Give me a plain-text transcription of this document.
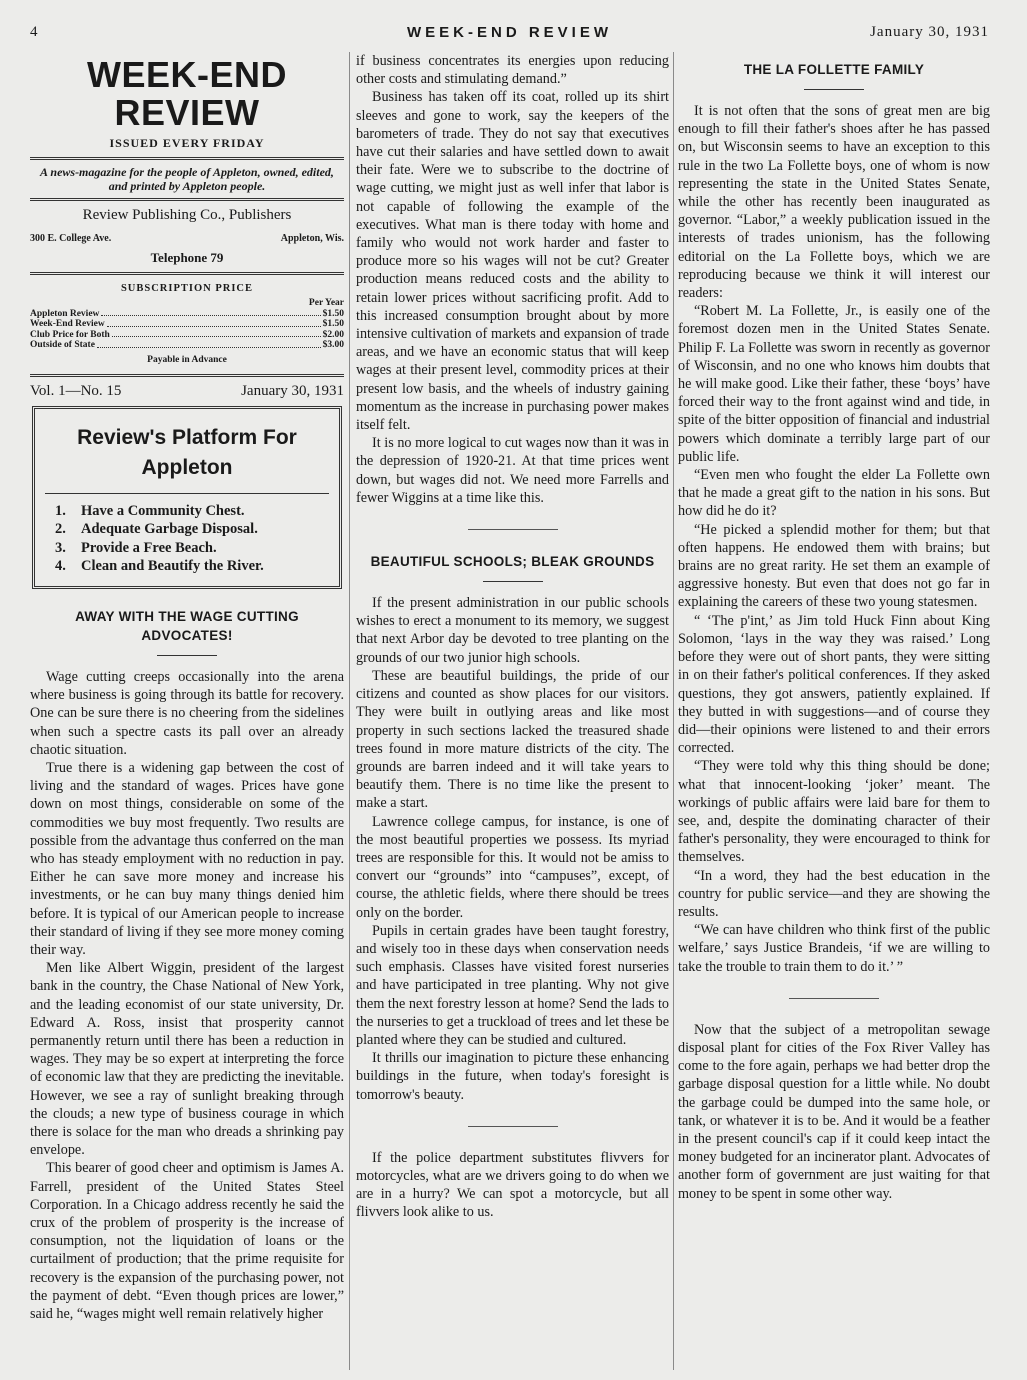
4	WEEK-END REVIEW	January 30, 1931
WEEK-END REVIEW
ISSUED EVERY FRIDAY
A news-magazine for the people of Appleton, owned, edited, and printed by Appleton people.
Review Publishing Co., Publishers
300 E. College Ave.	Appleton, Wis.
Telephone 79
SUBSCRIPTION PRICE
Per Year
Appleton Review	$1.50
Week-End Review	$1.50
Club Price for Both	$2.00
Outside of State	$3.00
Payable in Advance
Vol. 1—No. 15	January 30, 1931
Review's Platform For
Appleton
1.	Have a Community Chest.
2.	Adequate Garbage Disposal.
3.	Provide a Free Beach.
4.	Clean and Beautify the River.
AWAY WITH THE WAGE CUTTING
ADVOCATES!

Wage cutting creeps occasionally into the arena where business is going through its battle for recovery. One can be sure there is no cheering from the sidelines when such a spectre casts its pall over an already chaotic situation.

True there is a widening gap between the cost of living and the standard of wages. Prices have gone down on most things, considerable on some of the commodities we buy most frequently. Two results are possible from the advantage thus conferred on the man who has steady employment with no reduction in pay. Either he can save more money and increase his investments, or he can buy many things denied him before. It is typical of our American people to increase their standard of living if they see more money coming their way.

Men like Albert Wiggin, president of the largest bank in the country, the Chase National of New York, and the leading economist of our state university, Dr. Edward A. Ross, insist that prosperity cannot permanently return until there has been a reduction in wages. They may be so expert at interpreting the force of economic law that they are predicting the inevitable. However, we see a ray of sunlight breaking through the clouds; a new type of business courage in which there is solace for the man who dreads a shrinking pay envelope.

This bearer of good cheer and optimism is James A. Farrell, president of the United States Steel Corporation. In a Chicago address recently he said the crux of the problem of prosperity is the increase of consumption, not the liquidation of loans or the curtailment of production; that the prime requisite for recovery is the expansion of the purchasing power, not the payment of debt. “Even though prices are lower,” said he, “wages might well remain relatively higher

if business concentrates its energies upon reducing other costs and stimulating demand.”

Business has taken off its coat, rolled up its shirt sleeves and gone to work, say the keepers of the barometers of trade. They do not say that executives have cut their salaries and have settled down to await their fate. Were we to subscribe to the doctrine of wage cutting, we might just as well infer that labor is not capable of following the example of the executives. What man is there today with home and family who would not work harder and faster to produce more so his wages will not be cut? Greater production means reduced costs and the ability to retain lower prices without sacrificing profit. Add to this increased consumption brought about by more intensive cultivation of markets and expansion of trade areas, and we have an economic status that will keep wages at their present level, commodity prices at their present low basis, and the wheels of industry gaining momentum as the increase in purchasing power makes itself felt.

It is no more logical to cut wages now than it was in the depression of 1920-21. At that time prices went down, but wages did not. We need more Farrells and fewer Wiggins at a time like this.

BEAUTIFUL SCHOOLS; BLEAK GROUNDS

If the present administration in our public schools wishes to erect a monument to its memory, we suggest that next Arbor day be devoted to tree planting on the grounds of our two junior high schools.

These are beautiful buildings, the pride of our citizens and counted as show places for our visitors. They were built in outlying areas and like most property in such sections lacked the treasured shade trees found in more mature districts of the city. The grounds are barren indeed and it will take years to beautify them. There is no time like the present to make a start.

Lawrence college campus, for instance, is one of the most beautiful properties we possess. Its myriad trees are responsible for this. It would not be amiss to convert our “grounds” into “campuses”, except, of course, the athletic fields, where there should be trees only on the border.

Pupils in certain grades have been taught forestry, and wisely too in these days when conservation needs such emphasis. Classes have visited forest nurseries and have participated in tree planting. Why not give them the next forestry lesson at home? Send the lads to the nurseries to get a truckload of trees and let these be planted where they can be studied and cultured.

It thrills our imagination to picture these enhancing buildings in the future, when today's foresight is tomorrow's beauty.

If the police department substitutes flivvers for motorcycles, what are we drivers going to do when we are in a hurry? We can spot a motorcycle, but all flivvers look alike to us.

THE LA FOLLETTE FAMILY

It is not often that the sons of great men are big enough to fill their father's shoes after he has passed on, but Wisconsin seems to have an exception to this rule in the two La Follette boys, one of whom is now representing the state in the United States Senate, while the other has recently been inaugurated as governor. “Labor,” a weekly publication issued in the interests of trades unionism, has the following editorial on the La Follette boys, which we are reproducing because we think it will interest our readers:

“Robert M. La Follette, Jr., is easily one of the foremost dozen men in the United States Senate. Philip F. La Follette was sworn in recently as governor of Wisconsin, and no one who knows him doubts that he will make good. Like their father, these ‘boys’ have forced their way to the front against wind and tide, in spite of the bitter opposition of financial and industrial powers which dominate a terribly large part of our public life.

“Even men who fought the elder La Follette own that he made a great gift to the nation in his sons. But how did he do it?

“He picked a splendid mother for them; but that often happens. He endowed them with brains; but brains are no great rarity. He set them an example of aggressive honesty. But even that does not go far in explaining the careers of these two young statesmen.

“ ‘The p'int,’ as Jim told Huck Finn about King Solomon, ‘lays in the way they was raised.’ Long before they were out of short pants, they were sitting in on their father's political conferences. If they asked questions, they got answers, patiently explained. If they butted in with suggestions—and of course they did—their opinions were listened to and their errors corrected.

“They were told why this thing should be done; what that innocent-looking ‘joker’ meant. The workings of public affairs were laid bare for them to see, and, despite the dominating character of their father's personality, they were encouraged to think for themselves.

“In a word, they had the best education in the country for public service—and they are showing the results.

“We can have children who think first of the public welfare,’ says Justice Brandeis, ‘if we are willing to take the trouble to train them to do it.’ ”

Now that the subject of a metropolitan sewage disposal plant for cities of the Fox River Valley has come to the fore again, perhaps we had better drop the garbage disposal question for a little while. No doubt the garbage could be dumped into the same hole, or tank, or whatever it is to be. And it would be a feather in the present council's cap if it could keep intact the money budgeted for an incinerator plant. Advocates of another form of government are just waiting for that money to be spent in some other way.
